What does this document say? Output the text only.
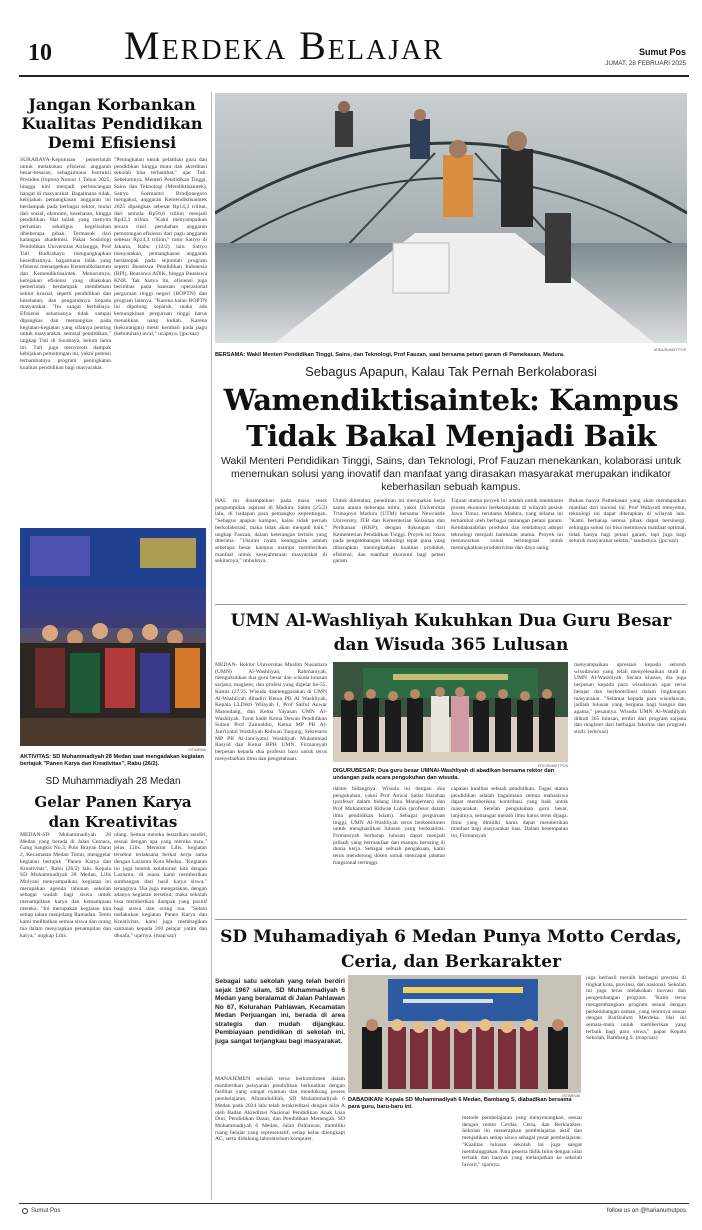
10 Merdeka Belajar	Sumut Pos
JUMAT, 28 FEBRUARI 2025
Jangan Korbankan Kualitas Pendidikan Demi Efisiensi
SURABAYA-Keputusan pemerintah untuk melakukan efisiensi anggaran besar-besaran, sebagaimana Instruksi Presiden (Inpres) Nomor 1 Tahun 2025, hingga kini menjadi perbincangan hangat di masyarakat. Bagaimana tidak, kebijakan pemangkasan anggaran ini berdampak pada berbagai sektor, mulai dari sosial, ekonomi, kesehatan, hingga pendidikan. Hal inilah yang menyita perhatian sekaligus kegelisahan dibeberapa pihak. Termasuk dari kalangan akademisi. Pakar Sosiologi Pendidikan Universitas Airlangga, Prof Tuti Budirahayu mengungkapkan kesedihannya, bagaimana tidak yang efisiensi menargetkan Kemendikdasmen dan Kemendiktisaintek. Menurutnya, kebijakan efisiensi yang dilakukan pemerintah berdampak membebani sektor krusial, seperti pendidikan dan kesehatan, dan pengaruhnya kepada masyarakat. "Itu sangat berbahaya. Efisiensi seharusnya tidak sampai dipangkas dan memangkas pada kegiatan-kegiatan yang sifatnya penting untuk masyarakat, semisal pendidikan," ungkap Tuti di Surabaya, belum lama ini. Tuti juga menyoroti dampak kebijakan pemotongan ini, yakni potensi terhambatnya program peningkatan kualitas pendidikan bagi masyarakat.
"Peningkatan untuk pelatihan guru dan pendidikan hingga mutu dan akreditasi sekolah bisa terhambat," ujar Tuti. Sebelumnya, Menteri Pendidikan Tinggi, Sains dan Teknologi (Mendiktisaintek), Satryo Soemantri Brodjonegoro mengakui, anggaran Kemendiktisaintek 2025 dipangkas sebesar Rp14,3 triliun, dari semula Rp56,6 triliun menjadi Rp42,3 triliun. "Kami menyampaikan secara rinci perubahan anggaran pemotongan efisiensi dari pagu anggaran sebesar Rp14,3 triliun," tutur Satryo di Jakarta, Rabu (12/2) lalu. Satryo menyatakan, pemangkasan anggaran berdampak pada sejumlah program seperti Beasiswa Pendidikan Indonesia (BPI), Beasiswa ADiK, hingga Beasiswa KNB. Tak hanya itu, efisiensi juga berimbas pada bantuan operasional perguruan tinggi negeri (BOPTN) dan program lainnya. "Karena kalau BOPTN ini dipotong separuh, maka ada kemungkinan perguruan tinggi harus menaikkan uang kuliah. Karena (kekurangan) mesti kembali pada pagu (kebutuhan) awal," ucapnya. (jpc/saz)
ISTIMEWA
AKTIVITAS: SD Muhammadiyah 28 Medan saat mengadakan kegiatan bertajuk "Panen Karya dan Kreativitas", Rabu (26/2).
SD Muhammadiyah 28 Medan
Gelar Panen Karya dan Kreativitas
MEDAN-SD Muhammadiyah 28 Medan yang berada di Jalan Cemara, Gang Sangkis No.3, Pulo Brayan Darat 2, Kecamatan Medan Timur, menggelar kegiatan bertajuk "Panen Karya dan Kreativitas", Rabu (26/2) lalu. Kepala SD Muhammadiyah 28 Medan, Lilis Mulyani menyampaikan, kegiatan ini merupakan agenda tahunan sekolah sebagai wadah bagi siswa untuk menampilkan karya dan kemampuan mereka. "Ini merupakan kegiatan kita setiap tahun menjelang Ramadan. Tentu kami melibatkan semua siswa dan orang tua dalam menyiapkan penampilan dan karya," ungkap Lilis.
ulang. Semua mereka lestarikan sendiri, sesuai dengan apa yang mereka mau," jelas Lilis. Menurut Lilis, kegiatan tersebut terlaksana berkat kerja sama dengan Lazismu Kota Medan. "Kegiatan ini juga bentuk kolaborasi kita dengan Lazismu, di mana kami memberikan sumbangan dari hasil karya siswa," terangnya. Dia juga mengatakan, dengan adanya kegiatan tersebut, maka sekolah bisa memberikan dampak yang positif bagi siswa dan orang tua. "Selain melakukan kegiatan Panen Karya dan Kreativitas, kami juga membagikan santunan kepada 200 pelajar yatim dan dhuafa," ujarnya. (map/saz)
ATIKA/SUMUT POS
BERSAMA: Wakil Menteri Pendidikan Tinggi, Sains, dan Teknologi, Prof Fauzan, saat bersama petani garam di Pamekasan, Madura.
Sebagus Apapun, Kalau Tak Pernah Berkolaborasi
Wamendiktisaintek: Kampus Tidak Bakal Menjadi Baik

Wakil Menteri Pendidikan Tinggi, Sains, dan Teknologi, Prof Fauzan menekankan, kolaborasi untuk menemukan solusi yang inovatif dan manfaat yang dirasakan masyarakat merupakan indikator keberhasilan sebuah kampus.

HAL itu disampaikan pada masa reses pengumpulan aspirasi di Madura, Sabtu (25/2) lalu, di hadapan para pemangku kepentingan. "Sebagus apapun kampus, kalau tidak pernah berkolaborasi, maka tidak akan menjadi baik," ungkap Fauzan, dalam keterangan tertulis yang diterima. "Ukuran nyata keunggulan adalah seberapa besar kampus mampu memberikan manfaat untuk kesejahteraan masyarakat di sekitarnya," imbuhnya.
Untuk diketahui, penelitian ini merupakan kerja sama antara beberapa mitra, yakni Universitas Trunojoyo Madura (UTM) bersama Newcastle University, ITB dan Kementerian Kelautan dan Perikanan (KKP), dengan dukungan dari Kementerian Pendidikan Tinggi. Proyek ini fokus pada pengembangan teknologi tepat guna yang diharapkan meningkatkan kualitas produksi, efisiensi, dan manfaat ekonomi bagi petani garam.
Tujuan utama proyek ini adalah untuk membantu proses ekonomi berkelanjutan di wilayah pesisir Jawa Timur, terutama Madura, yang selama ini terhambat oleh berbagai tantangan petani garam. Ketidakstabilan produksi dan rendahnya adopsi teknologi menjadi hambatan utama. Proyek ini menawarkan solusi terintegrasi untuk meningkatkan produktivitas dan daya saing.
Bukan hanya Pamekasan yang akan mendapatkan manfaat dari inovasi ini. Prof Wahyudi menyebut, teknologi ini dapat diterapkan di wilayah lain. "Kami berharap semua pihak dapat bersinergi, sehingga solusi ini bisa membawa manfaat optimal, tidak hanya bagi petani garam, tapi juga bagi seluruh masyarakat sekitar," tandasnya. (jpc/saz)
UMN Al-Washliyah Kukuhkan Dua Guru Besar dan Wisuda 365 Lulusan
MEDAN- Rektor Universitas Muslim Nusantara (UMN) Al-Washliyah, Rahmaniyah, mengukuhkan dua guru besar dan wisuda lulusan sarjana, magister, dan profesi yang digelar ke-55, Kamis (27/2). Wisuda diselenggarakan di UMN Al-Washliyah dihadiri Ketua PB Al Washliyah, Kepala LLDikti Wilayah I, Prof Saiful Anwar Matondang, dan Ketua Yayasan UMN Al-Washliyah. Turut hadir Ketua Dewan Pendidikan Sumut Prof Zainuddin, Ketua MP PB Al-Jam'iyatul Washliyah Ridwan Tanjung, Sekretaris MP PB Al-Jam'iyatul Washliyah Muhammad Rasyid dan Ketua BPH UMN. Firmansyah berpesan kepada dua profesor baru untuk terus menyebarkan ilmu dan pengetahuan.
EDO/SUMUT POS
DIGURUBESAR: Dua guru besar UMNAl-Washliyah di abadikan bersama rektor dan undangan pada acara pengukuhan dan wisuda.
dalam bidangnya. Wisuda ini dengan dua pengukuhan, yakni Prof Anwar Sadat Harahap (profesor dalam bidang ilmu Manajemen) dan Prof Muhammad Ridwan Lubis (profesor dalam ilmu pendidikan Islam). Sebagai perguruan tinggi, UMN Al-Washliyah terus berkomitmen untuk menghasilkan lulusan yang berkualitas. Firmansyah berharap lulusan dapat menjadi pribadi yang bermanfaat dan mampu bersaing di dunia kerja. Sebagai sebuah pengakuan, kami terus mendorong dosen untuk mencapai jabatan fungsional tertinggi.
capaian kualitas sebuah pendidikan. Tugas utama pendidikan adalah bagaimana semua mahasiswa dapat memberikan kontribusi yang baik untuk masyarakat. Setelah pengukuhan guru besar, lanjutnya, semangat meraih ilmu harus terus dijaga. Ilmu yang dimiliki harus dapat memberikan manfaat bagi masyarakat luas. Dalam kesempatan ini, Firmansyah
menyampaikan apresiasi kepada seluruh wisudawan yang telah menyelesaikan studi di UMN Al-Washliyah. Secara khusus, dia juga berpesan kepada para wisudawan agar terus belajar dan berkontribusi dalam lingkungan masyarakat. "Selamat kepada para wisudawan, jadilah lulusan yang berguna bagi bangsa dan agama," pesannya. Wisuda UMN Al-Washliyah diikuti 365 lulusan, terdiri dari program sarjana dan magister dari berbagai fakultas dan program studi. (edo/saz)
SD Muhamadiyah 6 Medan Punya Motto Cerdas, Ceria, dan Berkarakter

Sebagai satu sekolah yang telah berdiri sejak 1967 silam, SD Muhammadiyah 6 Medan yang beralamat di Jalan Pahlawan No 67, Kelurahan Pahlawan, Kecamatan Medan Perjuangan ini, berada di area strategis dan mudah dijangkau. Pembiayaan pendidikan di sekolah ini, juga sangat terjangkau bagi masyarakat.

MANAJEMEN sekolah terus berkomitmen dalam memberikan pelayanan pendidikan berkualitas dengan fasilitas yang sangat nyaman dan mendukung proses pembelajaran. Alhamdulillah, SD Muhammadiyah 6 Medan pada 2024 lalu telah terakreditasi dengan nilai A oleh Badan Akreditasi Nasional Pendidikan Anak Usia Dini, Pendidikan Dasar, dan Pendidikan Menengah. SD Muhammadiyah 6 Medan, Jalan Pahlawan, memiliki ruang belajar yang representatif, setiap kelas dilengkapi AC, serta didukung laboratorium komputer.
ISTIMEWA
DABADIKAN: Kepala SD Muhammadiyah 6 Medan, Bambang S, diabadikan bersama para guru, baru-baru ini.
metode pembelajaran yang menyenangkan, sesuai dengan motto Cerdas, Ceria, dan Berkarakter. Sekolah ini menerapkan pembelajaran aktif dan menjadikan setiap siswa sebagai pusat pembelajaran. "Kualitas lulusan sekolah ini juga sangat membanggakan. Para peserta didik lulus dengan nilai terbaik dan banyak yang melanjutkan ke sekolah favorit," ujarnya.
juga berhasil meraih berbagai prestasi di tingkat kota, provinsi, dan nasional. Sekolah ini juga terus melakukan inovasi dan pengembangan program. "Kami terus mengembangkan program sesuai dengan perkembangan zaman, yang tentunya sesuai dengan Kurikulum Merdeka. Hal ini semata-mata untuk memberikan yang terbaik bagi para siswa," papar Kepala Sekolah, Bambang S. (map/saz)
Sumut Pos	follow us on @harianumutpos
